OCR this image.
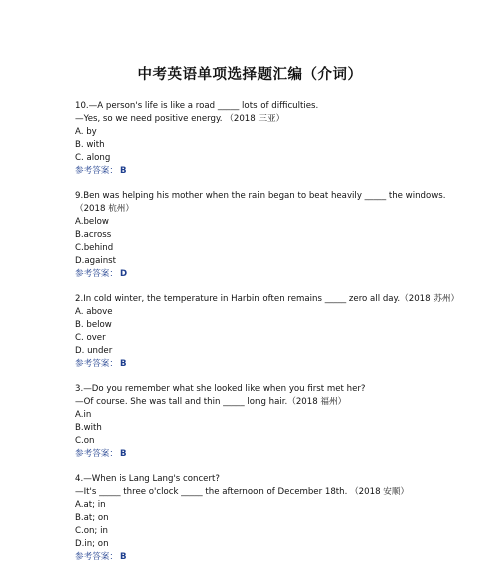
中考英语单项选择题汇编（介词）
10.—A person's life is like a road _____ lots of difficulties.
—Yes, so we need positive energy. （2018 三亚）
A. by
B. with
C. along
参考答案： B
9.Ben was helping his mother when the rain began to beat heavily _____ the windows.
（2018 杭州）
A.below
B.across
C.behind
D.against
参考答案： D
2.In cold winter, the temperature in Harbin often remains _____ zero all day.（2018 苏州）
A. above
B. below
C. over
D. under
参考答案： B
3.—Do you remember what she looked like when you first met her?
—Of course. She was tall and thin _____ long hair.（2018 福州）
A.in
B.with
C.on
参考答案： B
4.—When is Lang Lang's concert?
—It's _____ three o'clock _____ the afternoon of December 18th. （2018 安顺）
A.at; in
B.at; on
C.on; in
D.in; on
参考答案： B
